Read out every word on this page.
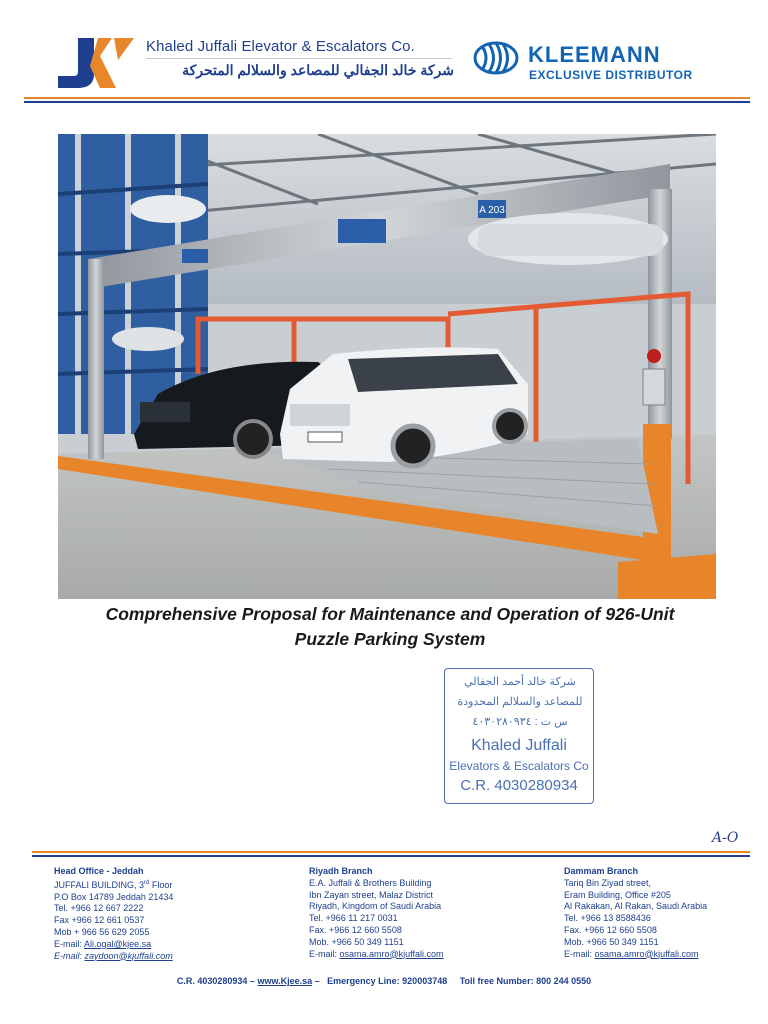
Khaled Juffali Elevator & Escalators Co.
شركة خالد الجفالي للمصاعد والسلالم المتحركة
KLEEMANN
EXCLUSIVE DISTRIBUTOR
A 203
Comprehensive Proposal for Maintenance and Operation of 926-Unit
Puzzle Parking System
شركة خالد أحمد الجفالي
للمصاعد والسلالم المحدودة
س ت : ٤٠٣٠٢٨٠٩٣٤
Khaled Juffali
Elevators & Escalators Co
C.R. 4030280934
A-O
Head Office - Jeddah
JUFFALI BUILDING, 3rd Floor
P.O Box 14789 Jeddah 21434
Tel. +966 12 667 2222
Fax +966 12 661 0537
Mob + 966 56 629 2055
E-mail: Ali.ogal@kjee.sa
E-mail: zaydoon@kjuffali.com
Riyadh Branch
E.A. Juffali & Brothers Building
Ibn Zayan street, Malaz District
Riyadh, Kingdom of Saudi Arabia
Tel. +966 11 217 0031
Fax. +966 12 660 5508
Mob. +966 50 349 1151
E-mail: osama.amro@kjuffali.com
Dammam Branch
Tariq Bin Ziyad street,
Eram Building, Office #205
Al Rakakan, Al Rakan, Saudi Arabia
Tel. +966 13 8588436
Fax. +966 12 660 5508
Mob. +966 50 349 1151
E-mail: osama.amro@kjuffali.com
C.R. 4030280934 – www.Kjee.sa –   Emergency Line: 920003748     Toll free Number: 800 244 0550
